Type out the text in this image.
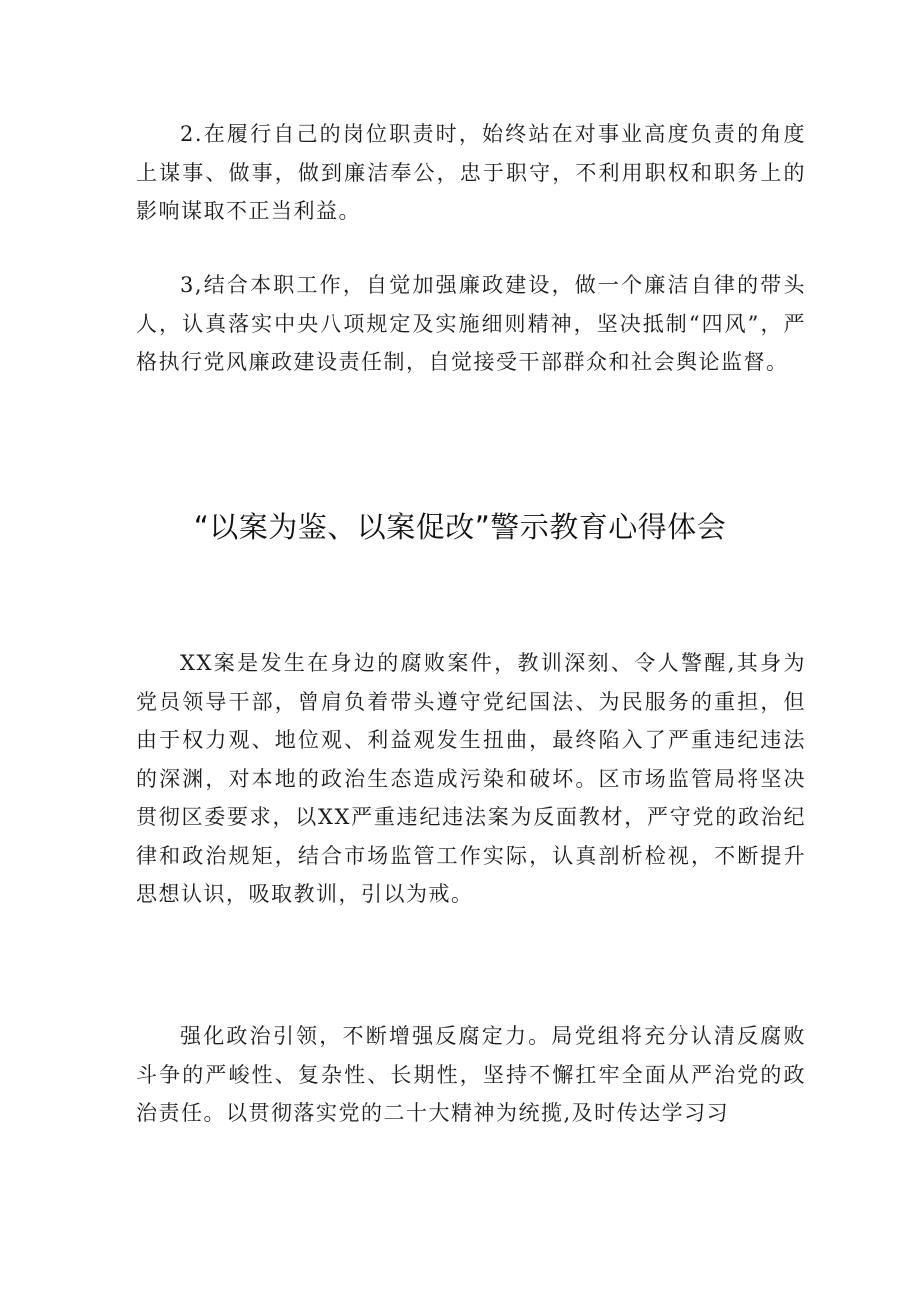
2.在履行自己的岗位职责时，始终站在对事业高度负责的角度上谋事、做事，做到廉洁奉公，忠于职守，不利用职权和职务上的影响谋取不正当利益。

3,结合本职工作，自觉加强廉政建设，做一个廉洁自律的带头人，认真落实中央八项规定及实施细则精神，坚决抵制“四风”，严格执行党风廉政建设责任制，自觉接受干部群众和社会舆论监督。

“以案为鉴、以案促改”警示教育心得体会

XX案是发生在身边的腐败案件，教训深刻、令人警醒,其身为党员领导干部，曾肩负着带头遵守党纪国法、为民服务的重担，但由于权力观、地位观、利益观发生扭曲，最终陷入了严重违纪违法的深渊，对本地的政治生态造成污染和破坏。区市场监管局将坚决贯彻区委要求，以XX严重违纪违法案为反面教材，严守党的政治纪律和政治规矩，结合市场监管工作实际，认真剖析检视，不断提升思想认识，吸取教训，引以为戒。

强化政治引领，不断增强反腐定力。局党组将充分认清反腐败斗争的严峻性、复杂性、长期性，坚持不懈扛牢全面从严治党的政治责任。以贯彻落实党的二十大精神为统揽,及时传达学习习
